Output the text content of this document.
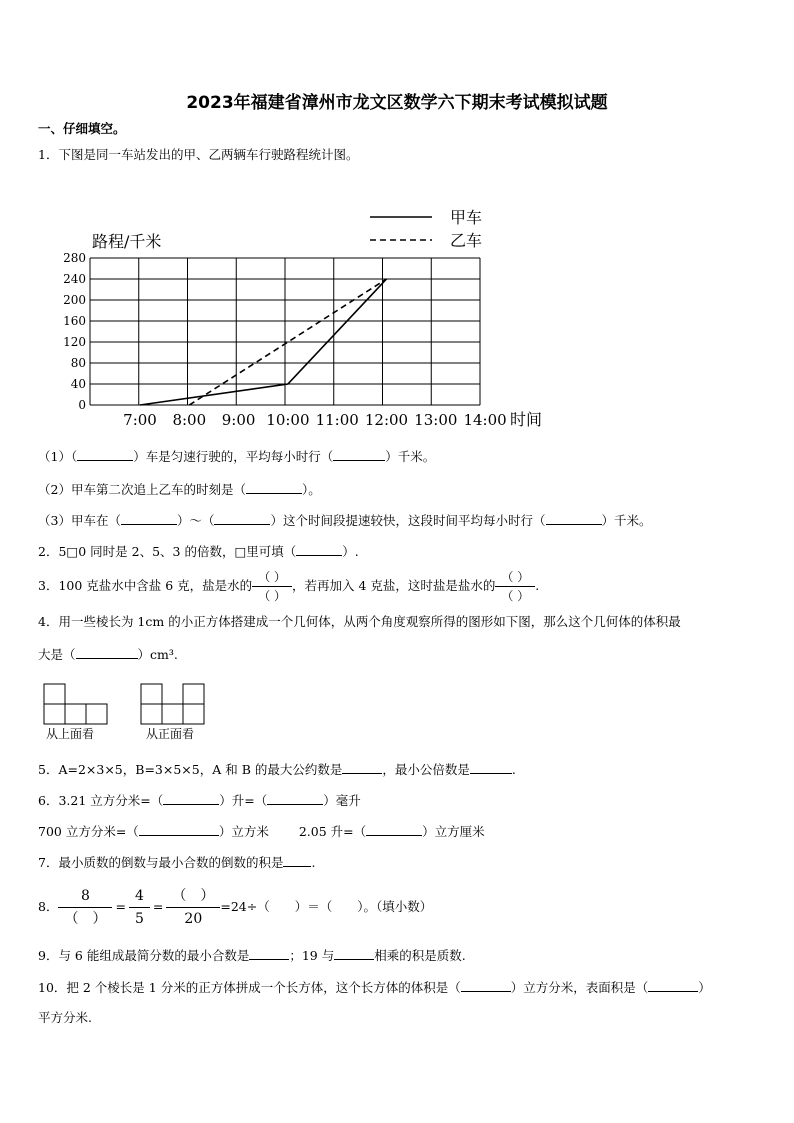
2023年福建省漳州市龙文区数学六下期末考试模拟试题
一、仔细填空。
1．下图是同一车站发出的甲、乙两辆车行驶路程统计图。
0
40
80
120
160
200
240
280
7:00 8:00 9:00 10:00 11:00 12:00 13:00 14:00
路程/千米
时间
甲车
乙车
（1）（	）车是匀速行驶的，平均每小时行（	）千米。
（2）甲车第二次追上乙车的时刻是（	）。
（3）甲车在（	）～（	）这个时间段提速较快，这段时间平均每小时行（	）千米。
2．5□0 同时是 2、5、3 的倍数，□里可填（	）.
3．100 克盐水中含盐 6 克，盐是水的 $\frac{( )}{( )}$ ，若再加入 4 克盐，这时盐是盐水的 $\frac{( )}{( )}$ .
4．用一些棱长为 1cm 的小正方体搭建成一个几何体，从两个角度观察所得的图形如下图，那么这个几何体的体积最
大是（	）cm³.
从上面看	从正面看
5．A=2×3×5，B=3×5×5，A 和 B 的最大公约数是	，最小公倍数是	.
6．3.21 立方分米=（	）升=（	）毫升
700 立方分米=（	）立方米 2.05 升=（	）立方厘米
7．最小质数的倒数与最小合数的倒数的积是 .
8． $\frac{8}{( )} = \frac{4}{5} = \frac{( )}{20} =24\div$（　　）＝（　　）。（填小数）
9．与 6 能组成最简分数的最小合数是	；19 与	相乘的积是质数.
10．把 2 个棱长是 1 分米的正方体拼成一个长方体，这个长方体的体积是（	）立方分米，表面积是（	）
平方分米.
